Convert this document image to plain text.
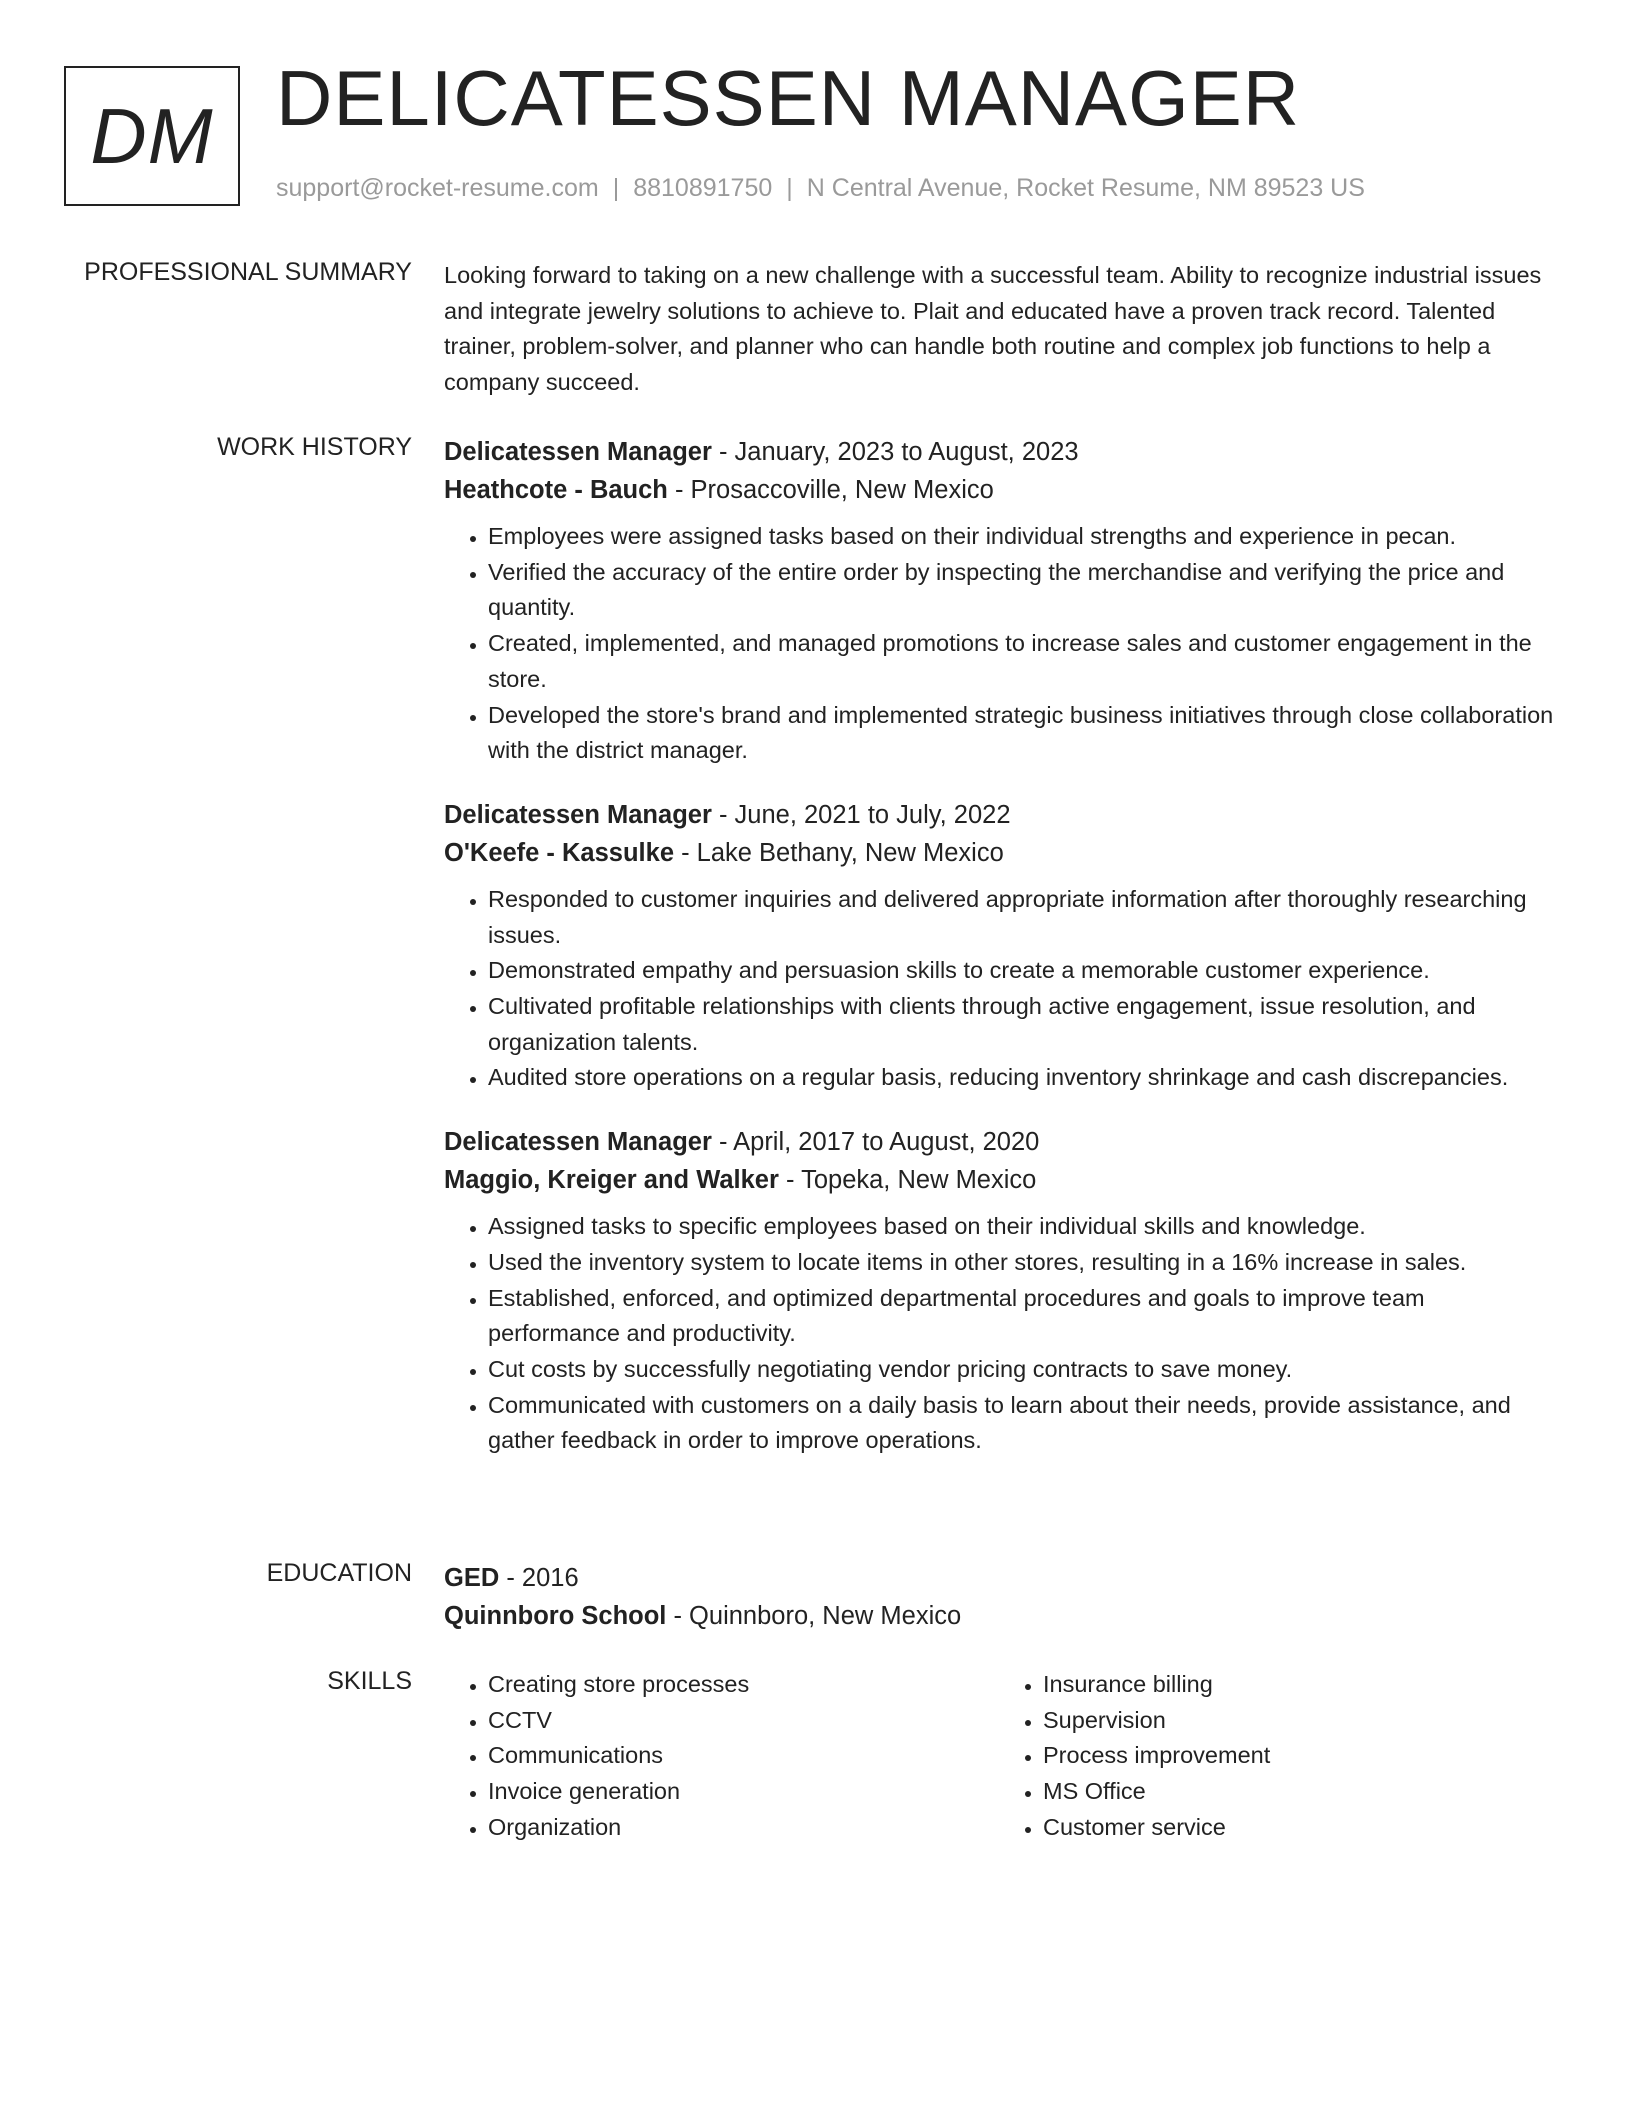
DM DELICATESSEN MANAGER
support@rocket-resume.com | 8810891750 | N Central Avenue, Rocket Resume, NM 89523 US
PROFESSIONAL SUMMARY Looking forward to taking on a new challenge with a successful team. Ability to recognize industrial issues and integrate jewelry solutions to achieve to. Plait and educated have a proven track record. Talented trainer, problem-solver, and planner who can handle both routine and complex job functions to help a company succeed.

WORK HISTORY Delicatessen Manager - January, 2023 to August, 2023
Heathcote - Bauch - Prosaccoville, New Mexico
• Employees were assigned tasks based on their individual strengths and experience in pecan.
• Verified the accuracy of the entire order by inspecting the merchandise and verifying the price and quantity.
• Created, implemented, and managed promotions to increase sales and customer engagement in the store.
• Developed the store's brand and implemented strategic business initiatives through close collaboration with the district manager.
Delicatessen Manager - June, 2021 to July, 2022
O'Keefe - Kassulke - Lake Bethany, New Mexico
• Responded to customer inquiries and delivered appropriate information after thoroughly researching issues.
• Demonstrated empathy and persuasion skills to create a memorable customer experience.
• Cultivated profitable relationships with clients through active engagement, issue resolution, and organization talents.
• Audited store operations on a regular basis, reducing inventory shrinkage and cash discrepancies.
Delicatessen Manager - April, 2017 to August, 2020
Maggio, Kreiger and Walker - Topeka, New Mexico
• Assigned tasks to specific employees based on their individual skills and knowledge.
• Used the inventory system to locate items in other stores, resulting in a 16% increase in sales.
• Established, enforced, and optimized departmental procedures and goals to improve team performance and productivity.
• Cut costs by successfully negotiating vendor pricing contracts to save money.
• Communicated with customers on a daily basis to learn about their needs, provide assistance, and gather feedback in order to improve operations.
EDUCATION GED - 2016
Quinnboro School - Quinnboro, New Mexico
SKILLS
•	Creating store processes
• CCTV
• Communications
• Invoice generation
• Organization
• Insurance billing
• Supervision
• Process improvement
• MS Office
• Customer service
